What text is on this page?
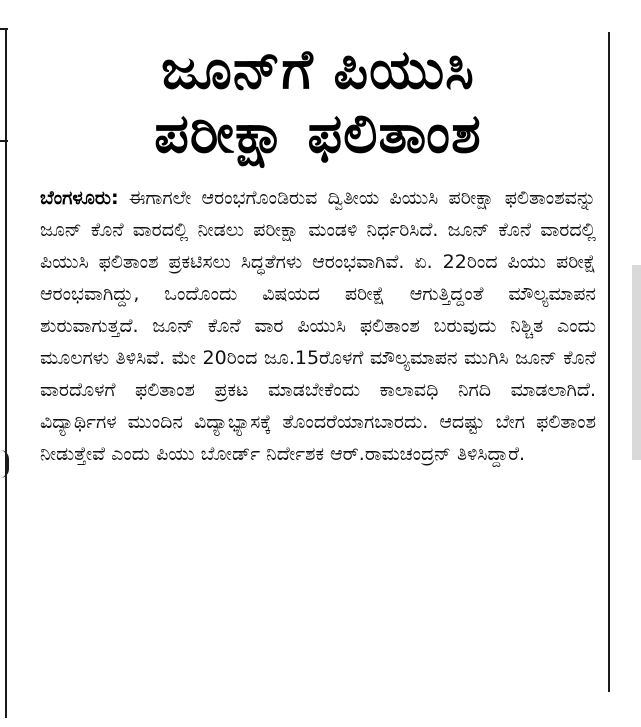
ಜೂನ್‌ಗೆ ಪಿಯುಸಿ
ಪರೀಕ್ಷಾ ಫಲಿತಾಂಶ

ಬೆಂಗಳೂರು: ಈಗಾಗಲೇ ಆರಂಭಗೊಂಡಿರುವ ದ್ವಿತೀಯ ಪಿಯುಸಿ ಪರೀಕ್ಷಾ ಫಲಿತಾಂಶವನ್ನು ಜೂನ್ ಕೊನೆ ವಾರದಲ್ಲಿ ನೀಡಲು ಪರೀಕ್ಷಾ ಮಂಡಳಿ ನಿರ್ಧರಿಸಿದೆ. ಜೂನ್ ಕೊನೆ ವಾರದಲ್ಲಿ ಪಿಯುಸಿ ಫಲಿತಾಂಶ ಪ್ರಕಟಿಸಲು ಸಿದ್ಧತೆಗಳು ಆರಂಭವಾಗಿವೆ. ಏ. 22ರಿಂದ ಪಿಯು ಪರೀಕ್ಷೆ ಆರಂಭವಾಗಿದ್ದು, ಒಂದೊಂದು ವಿಷಯದ ಪರೀಕ್ಷೆ ಆಗುತ್ತಿದ್ದಂತೆ ಮೌಲ್ಯಮಾಪನ ಶುರುವಾಗುತ್ತದೆ. ಜೂನ್ ಕೊನೆ ವಾರ ಪಿಯುಸಿ ಫಲಿತಾಂಶ ಬರುವುದು ನಿಶ್ಚಿತ ಎಂದು ಮೂಲಗಳು ತಿಳಿಸಿವೆ. ಮೇ 20ರಿಂದ ಜೂ.15ರೊಳಗೆ ಮೌಲ್ಯಮಾಪನ ಮುಗಿಸಿ ಜೂನ್ ಕೊನೆ ವಾರದೊಳಗೆ ಫಲಿತಾಂಶ ಪ್ರಕಟ ಮಾಡಬೇಕೆಂದು ಕಾಲಾವಧಿ ನಿಗದಿ ಮಾಡಲಾಗಿದೆ. ವಿದ್ಯಾರ್ಥಿಗಳ ಮುಂದಿನ ವಿದ್ಯಾಭ್ಯಾಸಕ್ಕೆ ತೊಂದರೆಯಾಗಬಾರದು. ಆದಷ್ಟು ಬೇಗ ಫಲಿತಾಂಶ ನೀಡುತ್ತೇವೆ ಎಂದು ಪಿಯು ಬೋರ್ಡ್ ನಿರ್ದೇಶಕ ಆರ್.ರಾಮಚಂದ್ರನ್ ತಿಳಿಸಿದ್ದಾರೆ.
